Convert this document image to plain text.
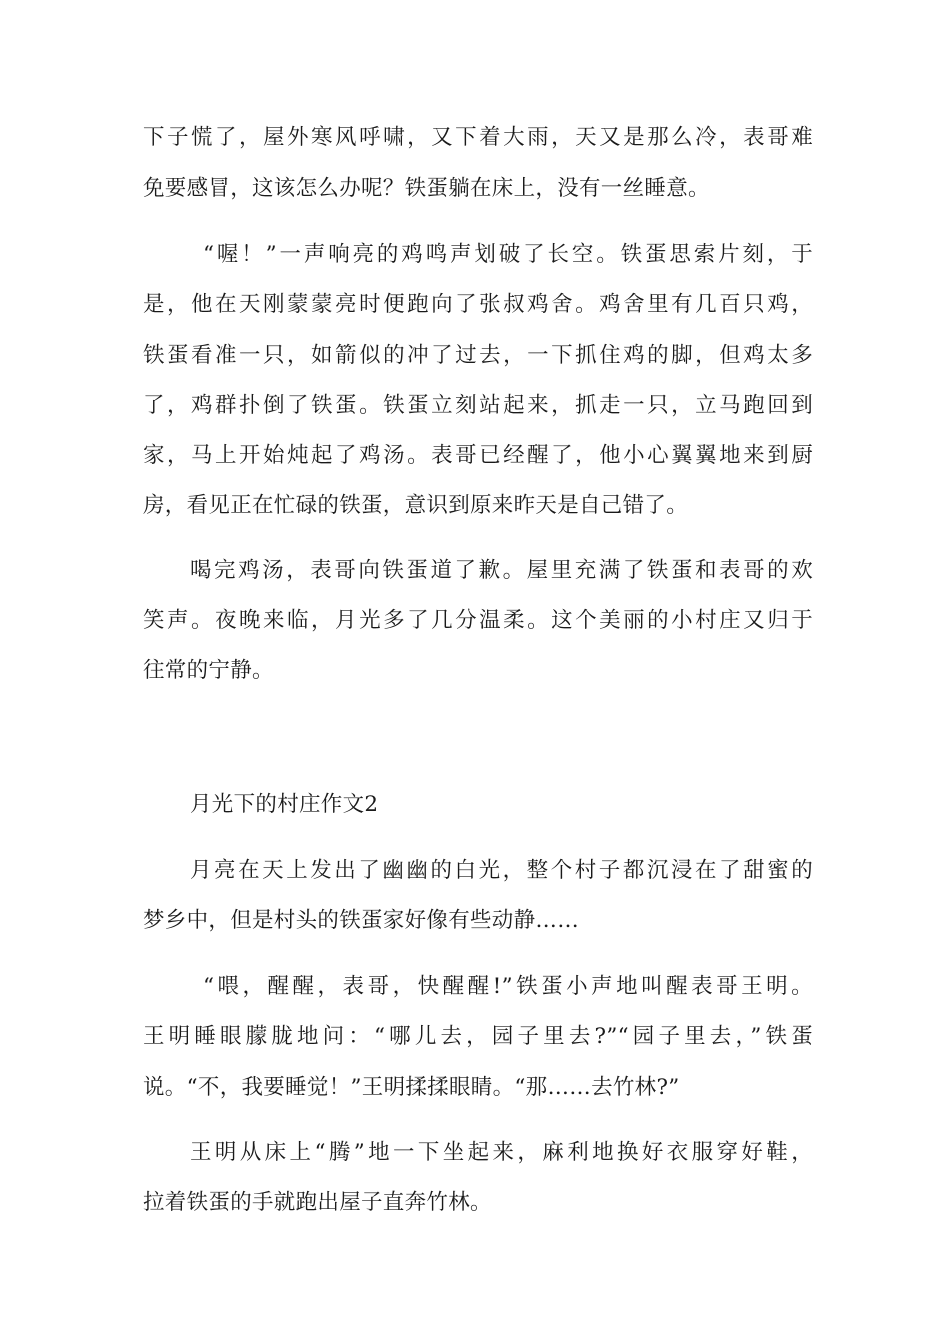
下子慌了，屋外寒风呼啸，又下着大雨，天又是那么冷，表哥难
免要感冒，这该怎么办呢？铁蛋躺在床上，没有一丝睡意。
“喔！”一声响亮的鸡鸣声划破了长空。铁蛋思索片刻，于
是，他在天刚蒙蒙亮时便跑向了张叔鸡舍。鸡舍里有几百只鸡，
铁蛋看准一只，如箭似的冲了过去，一下抓住鸡的脚，但鸡太多
了，鸡群扑倒了铁蛋。铁蛋立刻站起来，抓走一只，立马跑回到
家，马上开始炖起了鸡汤。表哥已经醒了，他小心翼翼地来到厨
房，看见正在忙碌的铁蛋，意识到原来昨天是自己错了。
喝完鸡汤，表哥向铁蛋道了歉。屋里充满了铁蛋和表哥的欢
笑声。夜晚来临，月光多了几分温柔。这个美丽的小村庄又归于
往常的宁静。
月光下的村庄作文2
月亮在天上发出了幽幽的白光，整个村子都沉浸在了甜蜜的
梦乡中，但是村头的铁蛋家好像有些动静……
“喂，醒醒，表哥，快醒醒!”铁蛋小声地叫醒表哥王明。
王明睡眼朦胧地问：“哪儿去，园子里去?”“园子里去，”铁蛋
说。“不，我要睡觉！”王明揉揉眼睛。“那……去竹林?”
王明从床上“腾”地一下坐起来，麻利地换好衣服穿好鞋，
拉着铁蛋的手就跑出屋子直奔竹林。
